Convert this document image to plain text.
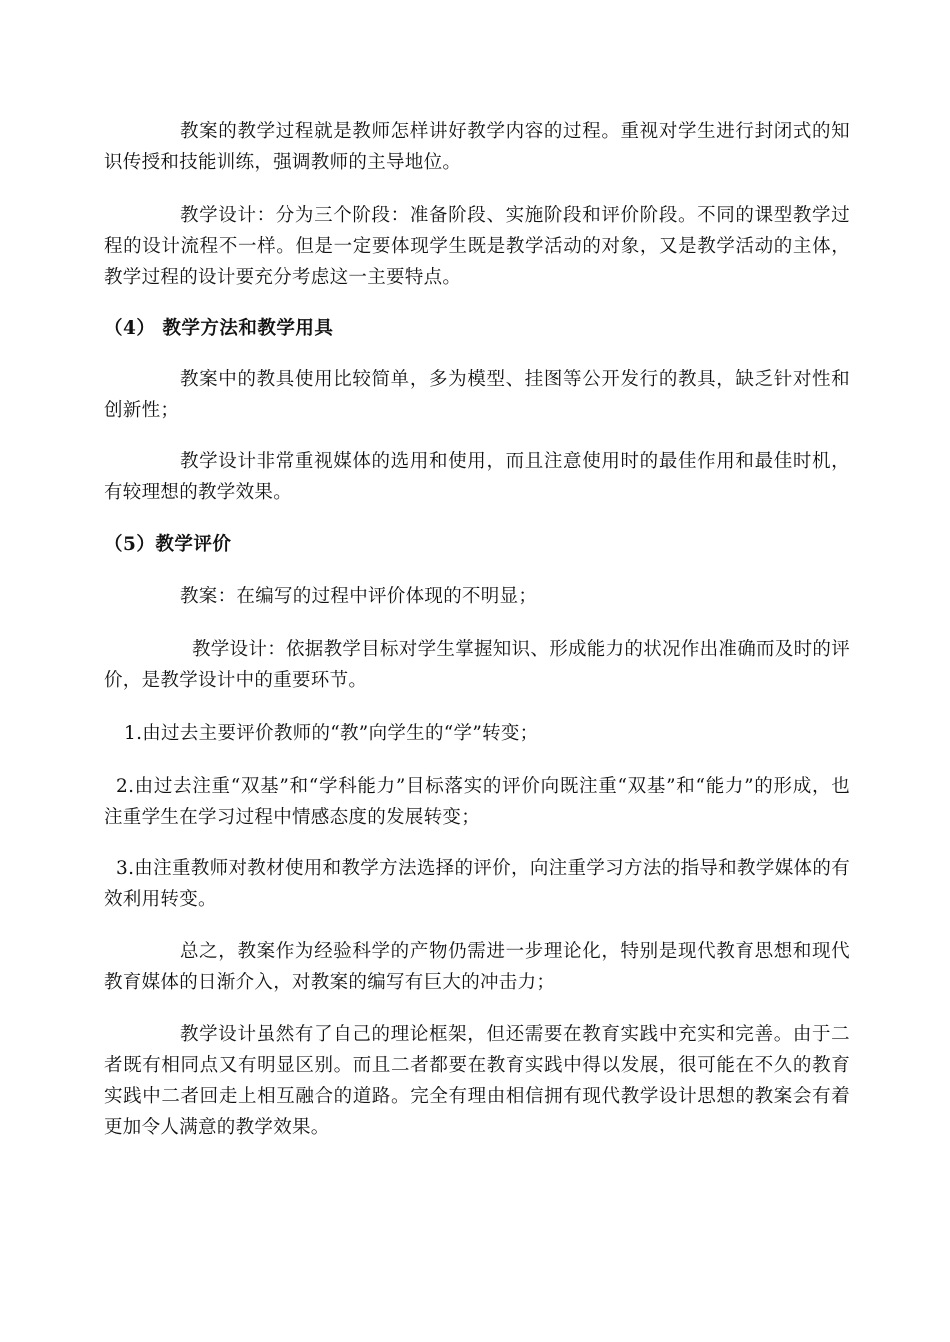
教案的教学过程就是教师怎样讲好教学内容的过程。重视对学生进行封闭式的知识传授和技能训练，强调教师的主导地位。

教学设计：分为三个阶段：准备阶段、实施阶段和评价阶段。不同的课型教学过程的设计流程不一样。但是一定要体现学生既是教学活动的对象，又是教学活动的主体，教学过程的设计要充分考虑这一主要特点。

（4） 教学方法和教学用具

教案中的教具使用比较简单，多为模型、挂图等公开发行的教具，缺乏针对性和创新性；

教学设计非常重视媒体的选用和使用，而且注意使用时的最佳作用和最佳时机，有较理想的教学效果。

（5）教学评价

教案：在编写的过程中评价体现的不明显；

教学设计：依据教学目标对学生掌握知识、形成能力的状况作出准确而及时的评价，是教学设计中的重要环节。

1.由过去主要评价教师的“教”向学生的“学”转变；

2.由过去注重“双基”和“学科能力”目标落实的评价向既注重“双基”和“能力”的形成，也注重学生在学习过程中情感态度的发展转变；

3.由注重教师对教材使用和教学方法选择的评价，向注重学习方法的指导和教学媒体的有效利用转变。

总之，教案作为经验科学的产物仍需进一步理论化，特别是现代教育思想和现代教育媒体的日渐介入，对教案的编写有巨大的冲击力；

教学设计虽然有了自己的理论框架，但还需要在教育实践中充实和完善。由于二者既有相同点又有明显区别。而且二者都要在教育实践中得以发展，很可能在不久的教育实践中二者回走上相互融合的道路。完全有理由相信拥有现代教学设计思想的教案会有着更加令人满意的教学效果。
